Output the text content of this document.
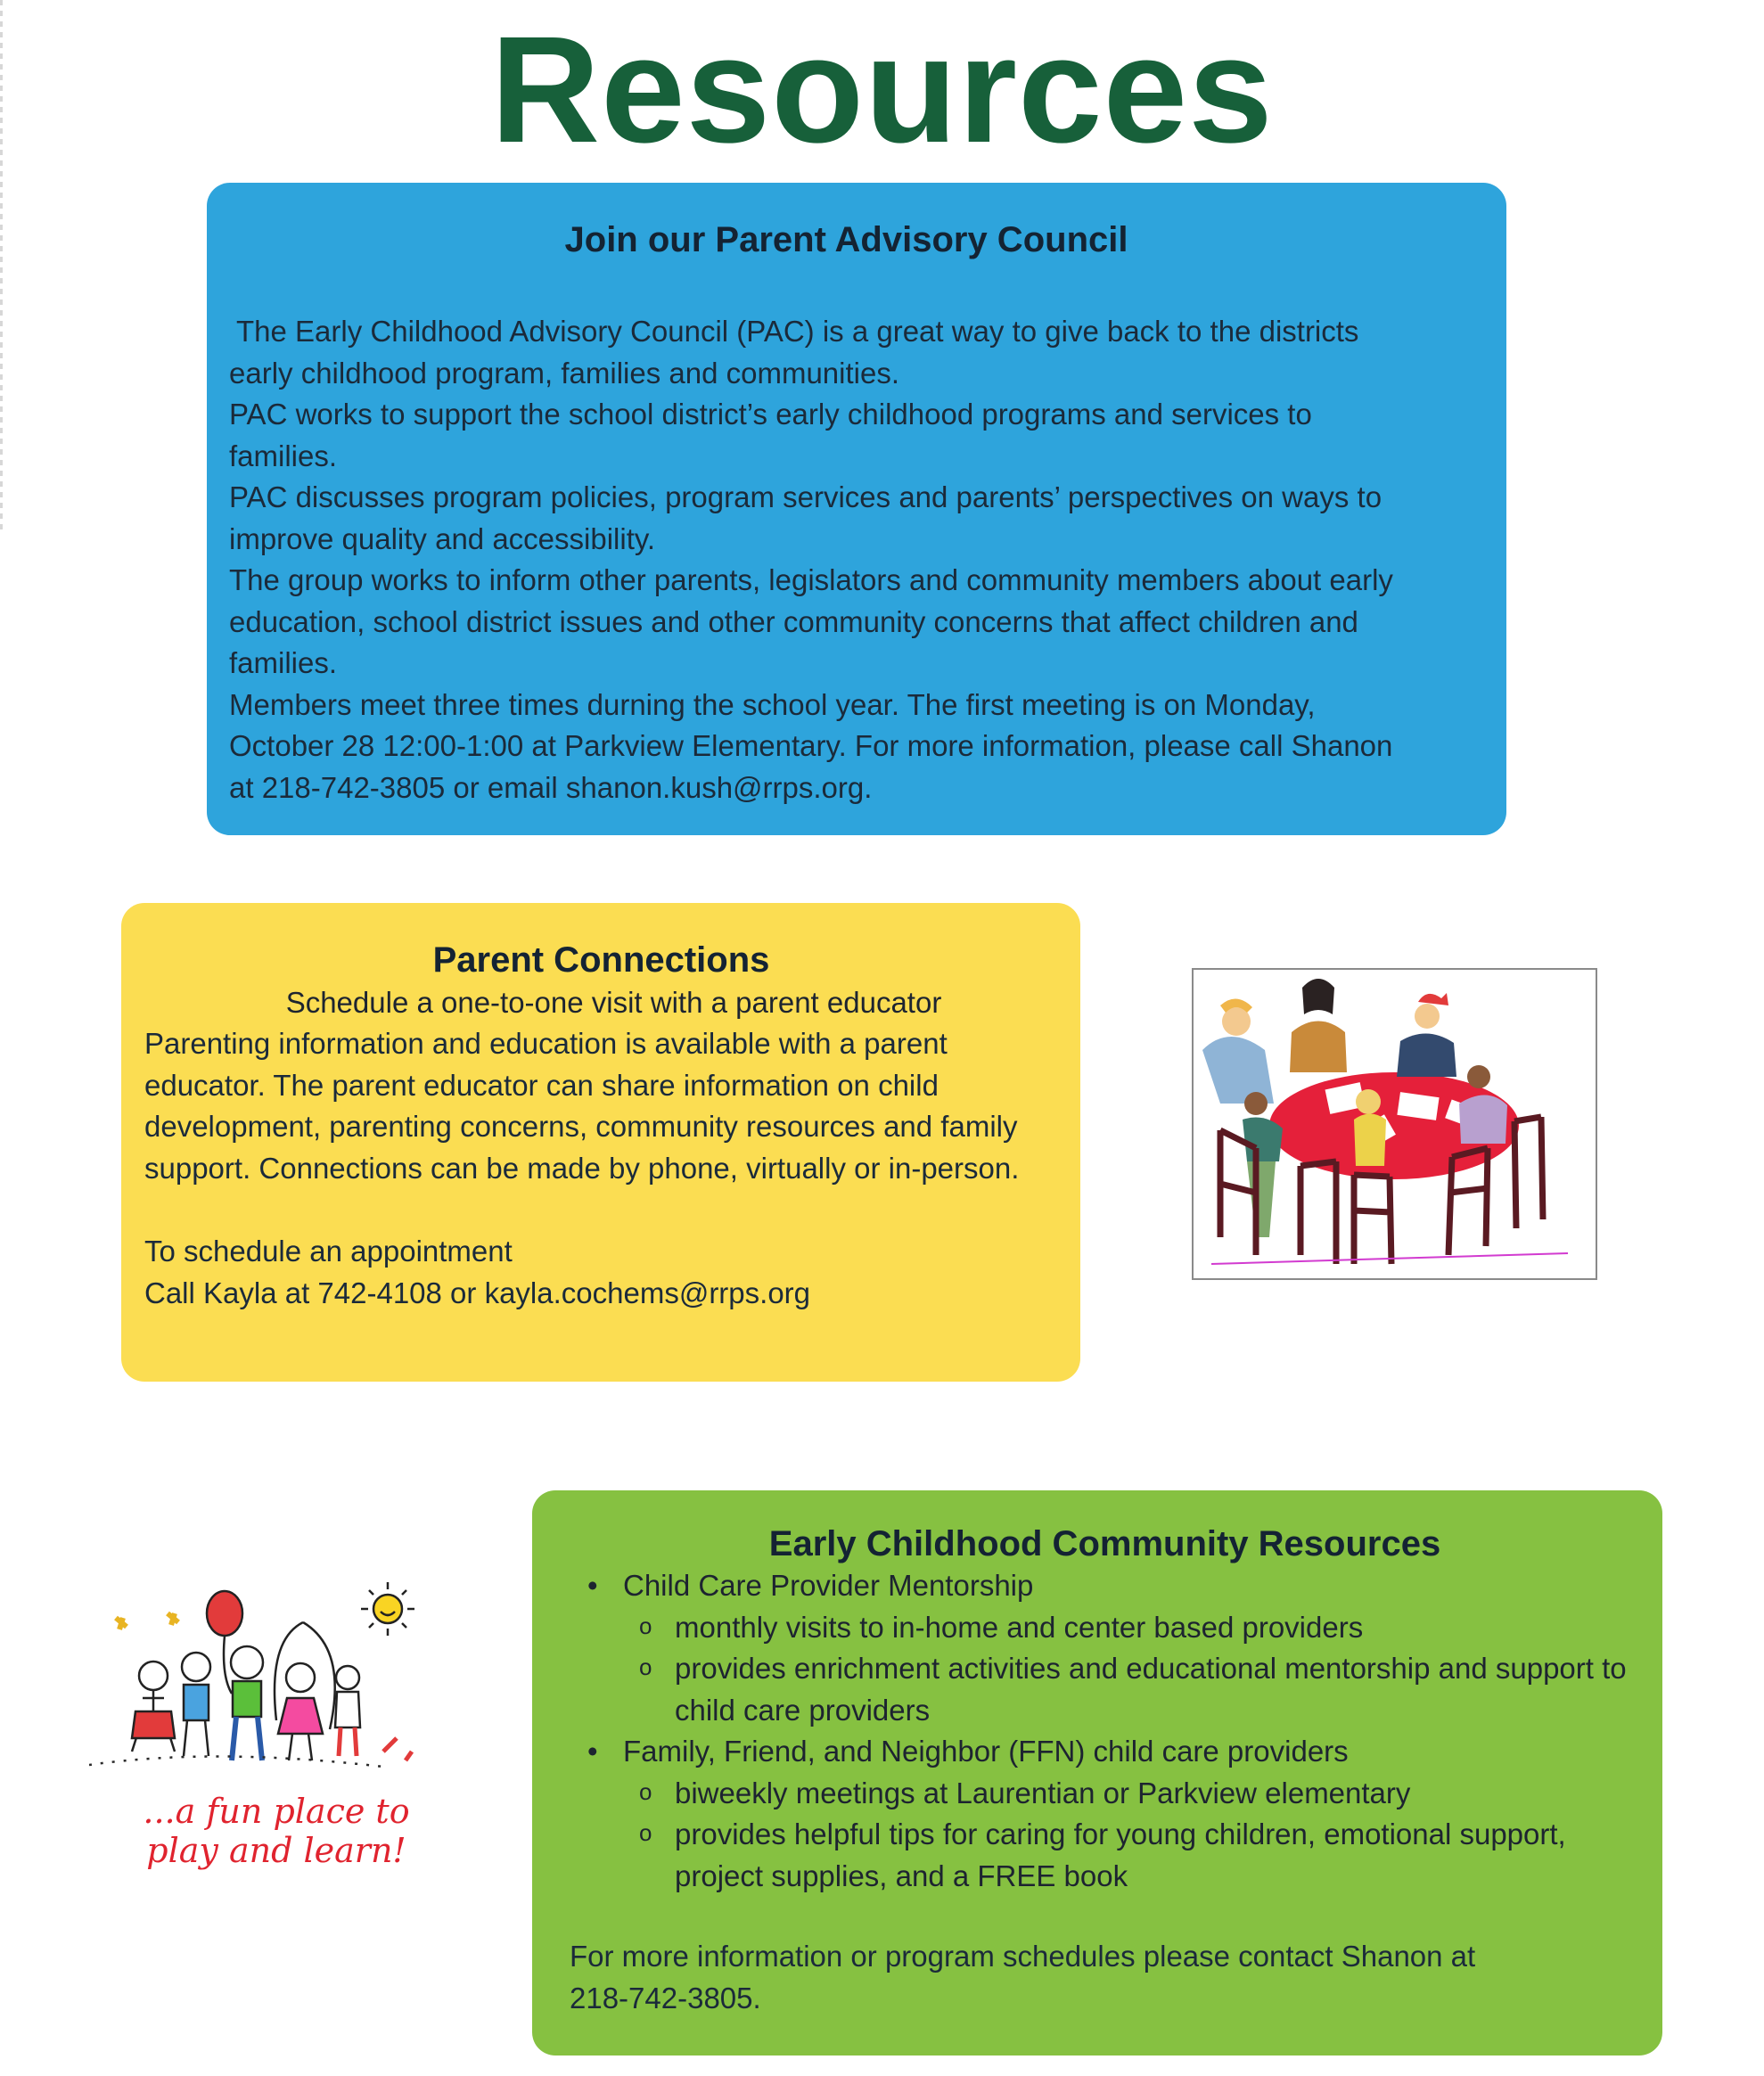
Resources
Join our Parent Advisory Council
The Early Childhood Advisory Council (PAC) is a great way to give back to the districts
early childhood program, families and communities.
PAC works to support the school district’s early childhood programs and services to
families.
PAC discusses program policies, program services and parents’ perspectives on ways to
improve quality and accessibility.
The group works to inform other parents, legislators and community members about early
education, school district issues and other community concerns that affect children and
families.
Members meet three times durning the school year. The first meeting is on Monday,
October 28 12:00-1:00 at Parkview Elementary. For more information, please call Shanon
at 218-742-3805 or email shanon.kush@rrps.org.
Parent Connections

Schedule a one-to-one visit with a parent educator

Parenting information and education is available with a parent
educator. The parent educator can share information on child
development, parenting concerns, community resources and family
support. Connections can be made by phone, virtually or in-person.
To schedule an appointment
Call Kayla at 742-4108 or kayla.cochems@rrps.org
...a fun place to
play and learn!
Early Childhood Community Resources
• Child Care Provider Mentorship
o monthly visits to in-home and center based providers
o provides enrichment activities and educational mentorship and support to child care providers
• Family, Friend, and Neighbor (FFN) child care providers
o biweekly meetings at Laurentian or Parkview elementary
o provides helpful tips for caring for young children, emotional support, project supplies, and a FREE book
For more information or program schedules please contact Shanon at
218-742-3805.
